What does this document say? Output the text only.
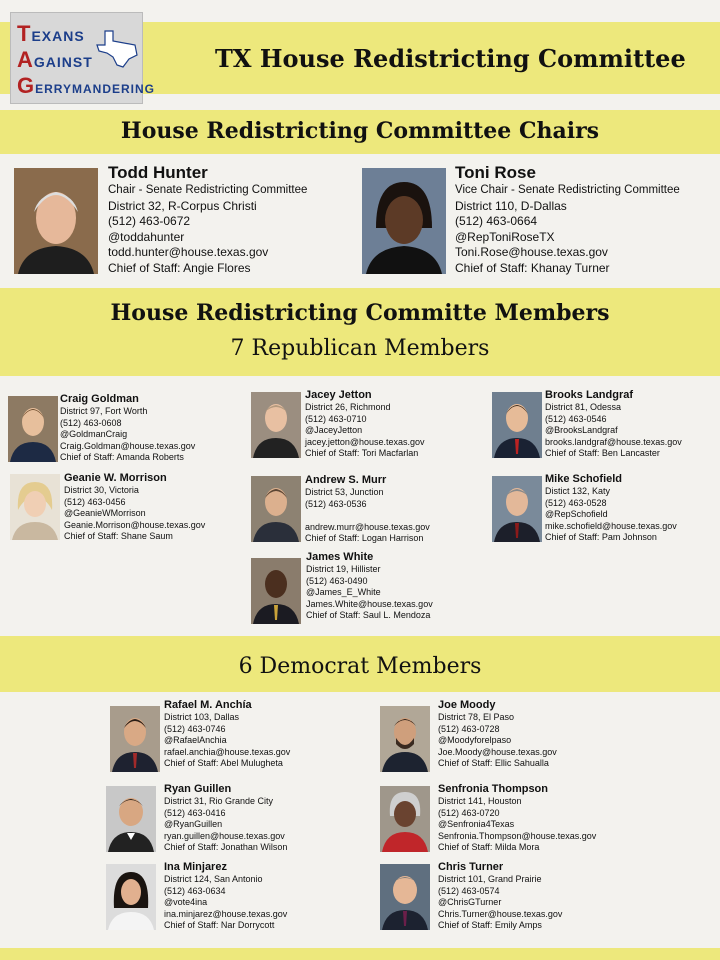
TEXANS
AGAINST
GERRYMANDERING
TX House Redistricting Committee
House Redistricting Committee Chairs
House Redistricting Committe Members
7 Republican Members
6 Democrat Members
Todd Hunter
Chair - Senate Redistricting Committee
District 32, R-Corpus Christi
(512) 463-0672
@toddahunter
todd.hunter@house.texas.gov
Chief of Staff: Angie Flores
Toni Rose
Vice Chair - Senate Redistricting Committee
District 110, D-Dallas
(512) 463-0664
@RepToniRoseTX
Toni.Rose@house.texas.gov
Chief of Staff: Khanay Turner
Craig Goldman
District 97, Fort Worth
(512) 463-0608
@GoldmanCraig
Craig.Goldman@house.texas.gov
Chief of Staff: Amanda Roberts
Jacey Jetton
District 26, Richmond
(512) 463-0710
@JaceyJetton
jacey.jetton@house.texas.gov
Chief of Staff: Tori Macfarlan
Brooks Landgraf
District 81, Odessa
(512) 463-0546
@BrooksLandgraf
brooks.landgraf@house.texas.gov
Chief of Staff: Ben Lancaster
Geanie W. Morrison
District 30, Victoria
(512) 463-0456
@GeanieWMorrison
Geanie.Morrison@house.texas.gov
Chief of Staff: Shane Saum
Andrew S. Murr
District 53, Junction
(512) 463-0536

andrew.murr@house.texas.gov
Chief of Staff: Logan Harrison
Mike Schofield
Distict 132, Katy
(512) 463-0528
@RepSchofield
mike.schofield@house.texas.gov
Chief of Staff: Pam Johnson
James White
District 19, Hillister
(512) 463-0490
@James_E_White
James.White@house.texas.gov
Chief of Staff: Saul L. Mendoza
Rafael M. Anchía
District 103, Dallas
(512) 463-0746
@RafaelAnchia
rafael.anchia@house.texas.gov
Chief of Staff: Abel Mulugheta
Joe Moody
District 78, El Paso
(512) 463-0728
@Moodyforelpaso
Joe.Moody@house.texas.gov
Chief of Staff: Ellic Sahualla
Ryan Guillen
District 31, Rio Grande City
(512) 463-0416
@RyanGuillen
ryan.guillen@house.texas.gov
Chief of Staff: Jonathan Wilson
Senfronia Thompson
District 141, Houston
(512) 463-0720
@Senfronia4Texas
Senfronia.Thompson@house.texas.gov
Chief of Staff: Milda Mora
Ina Minjarez
District 124, San Antonio
(512) 463-0634
@vote4ina
ina.minjarez@house.texas.gov
Chief of Staff: Nar Dorrycott
Chris Turner
District 101, Grand Prairie
(512) 463-0574
@ChrisGTurner
Chris.Turner@house.texas.gov
Chief of Staff: Emily Amps
